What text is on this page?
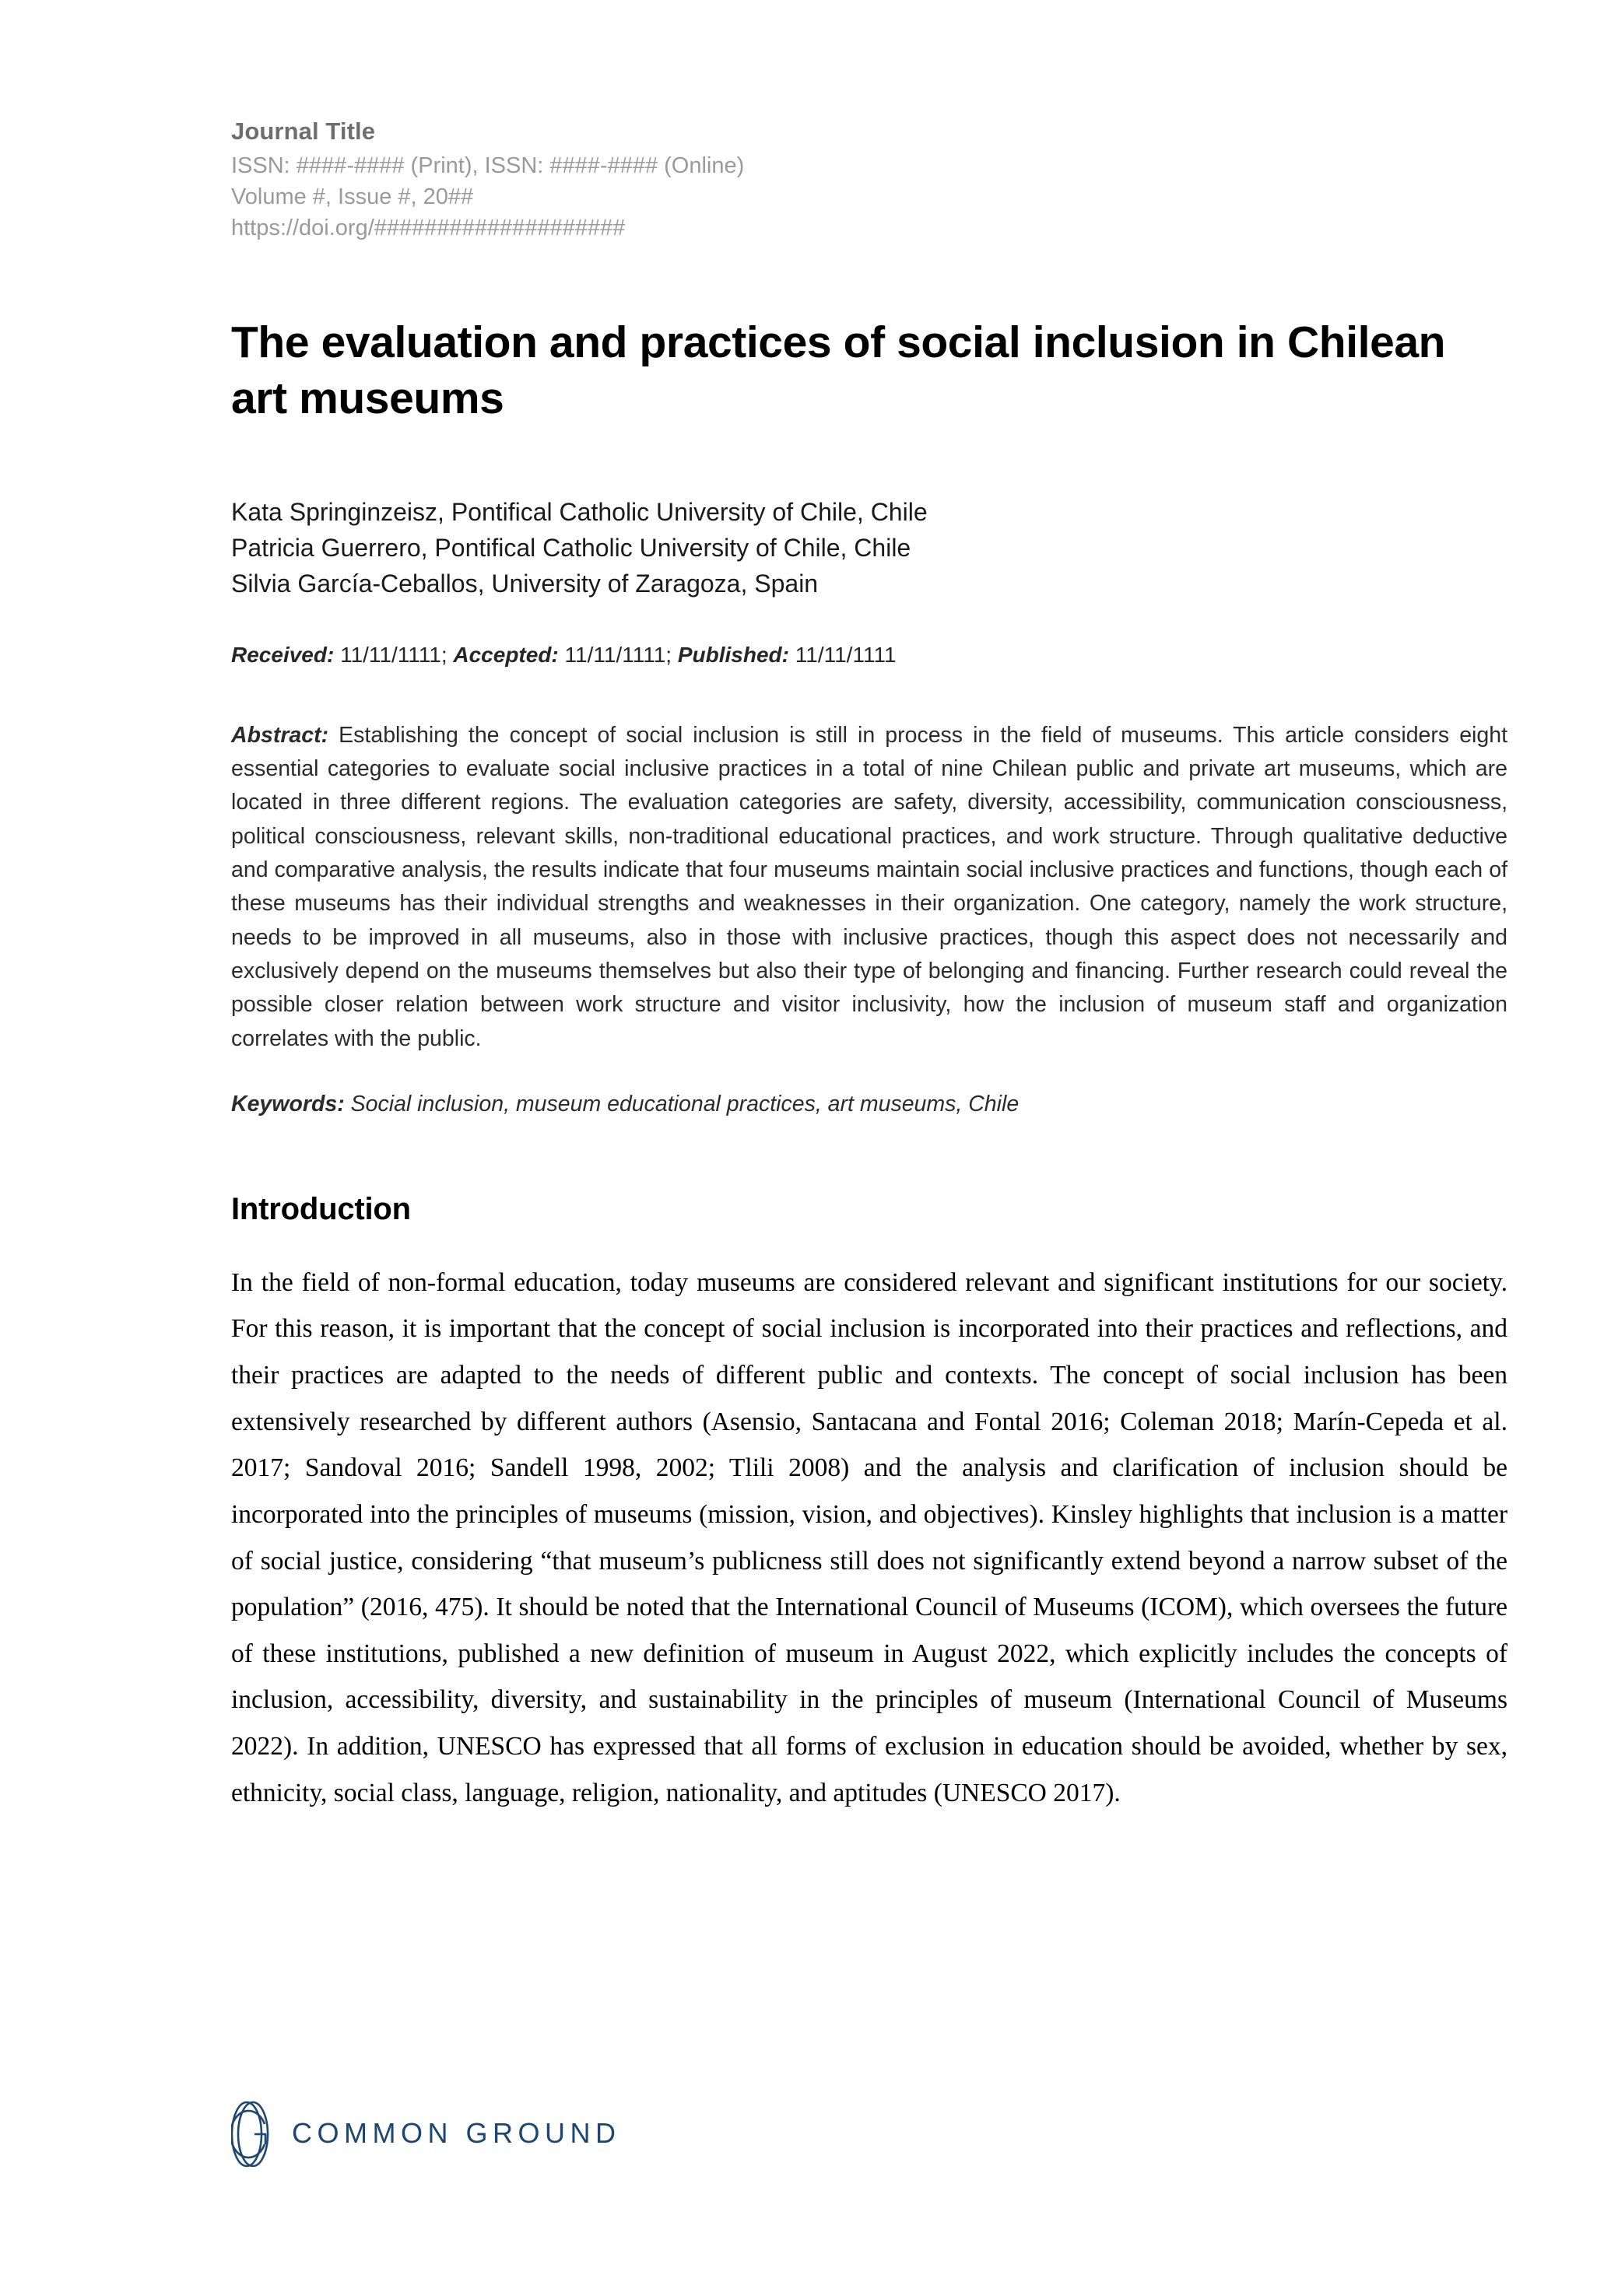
Journal Title
ISSN: ####-#### (Print), ISSN: ####-#### (Online)
Volume #, Issue #, 20##
https://doi.org/####################
The evaluation and practices of social inclusion in Chilean art museums
Kata Springinzeisz, Pontifical Catholic University of Chile, Chile
Patricia Guerrero, Pontifical Catholic University of Chile, Chile
Silvia García-Ceballos, University of Zaragoza, Spain
Received: 11/11/1111; Accepted: 11/11/1111; Published: 11/11/1111
Abstract: Establishing the concept of social inclusion is still in process in the field of museums. This article considers eight essential categories to evaluate social inclusive practices in a total of nine Chilean public and private art museums, which are located in three different regions. The evaluation categories are safety, diversity, accessibility, communication consciousness, political consciousness, relevant skills, non-traditional educational practices, and work structure. Through qualitative deductive and comparative analysis, the results indicate that four museums maintain social inclusive practices and functions, though each of these museums has their individual strengths and weaknesses in their organization. One category, namely the work structure, needs to be improved in all museums, also in those with inclusive practices, though this aspect does not necessarily and exclusively depend on the museums themselves but also their type of belonging and financing. Further research could reveal the possible closer relation between work structure and visitor inclusivity, how the inclusion of museum staff and organization correlates with the public.
Keywords: Social inclusion, museum educational practices, art museums, Chile
Introduction

In the field of non-formal education, today museums are considered relevant and significant institutions for our society. For this reason, it is important that the concept of social inclusion is incorporated into their practices and reflections, and their practices are adapted to the needs of different public and contexts. The concept of social inclusion has been extensively researched by different authors (Asensio, Santacana and Fontal 2016; Coleman 2018; Marín-Cepeda et al. 2017; Sandoval 2016; Sandell 1998, 2002; Tlili 2008) and the analysis and clarification of inclusion should be incorporated into the principles of museums (mission, vision, and objectives). Kinsley highlights that inclusion is a matter of social justice, considering “that museum’s publicness still does not significantly extend beyond a narrow subset of the population” (2016, 475). It should be noted that the International Council of Museums (ICOM), which oversees the future of these institutions, published a new definition of museum in August 2022, which explicitly includes the concepts of inclusion, accessibility, diversity, and sustainability in the principles of museum (International Council of Museums 2022). In addition, UNESCO has expressed that all forms of exclusion in education should be avoided, whether by sex, ethnicity, social class, language, religion, nationality, and aptitudes (UNESCO 2017).

COMMON GROUND
